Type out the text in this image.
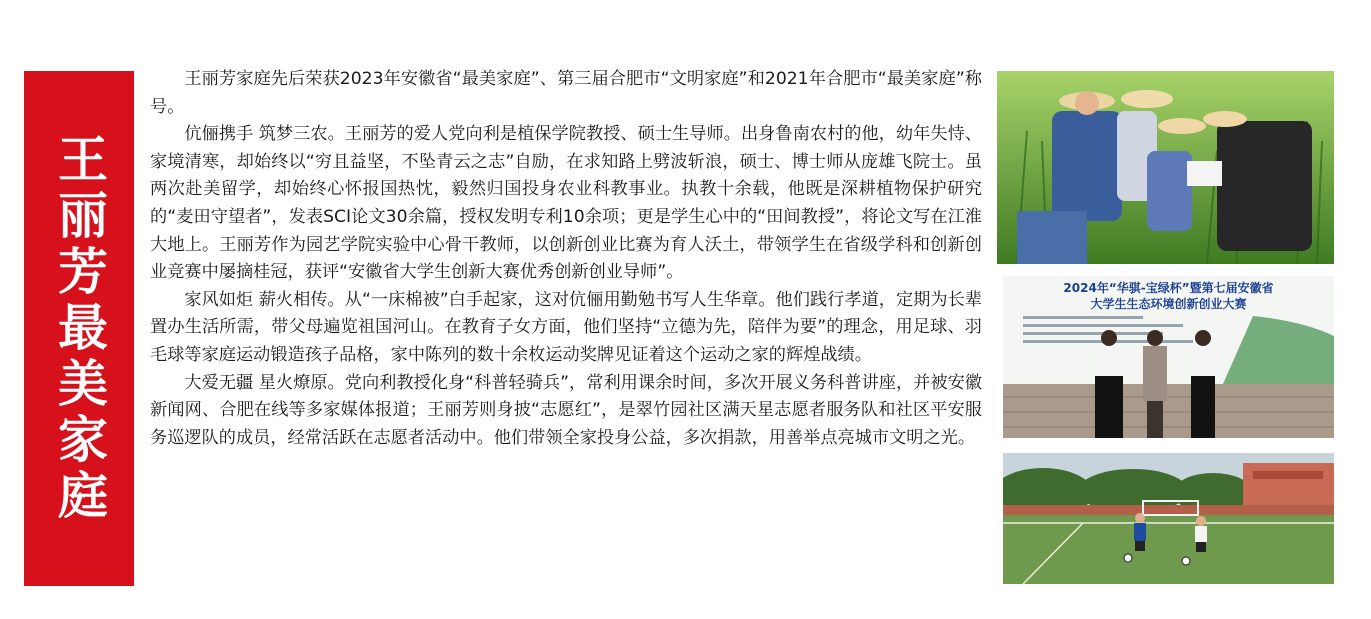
王丽芳最美家庭

王丽芳家庭先后荣获2023年安徽省“最美家庭”、第三届合肥市“文明家庭”和2021年合肥市“最美家庭”称号。

伉俪携手 筑梦三农。王丽芳的爱人党向利是植保学院教授、硕士生导师。出身鲁南农村的他，幼年失恃、家境清寒，却始终以“穷且益坚，不坠青云之志”自励，在求知路上劈波斩浪，硕士、博士师从庞雄飞院士。虽两次赴美留学，却始终心怀报国热忱，毅然归国投身农业科教事业。执教十余载，他既是深耕植物保护研究的“麦田守望者”，发表SCI论文30余篇，授权发明专利10余项；更是学生心中的“田间教授”，将论文写在江淮大地上。王丽芳作为园艺学院实验中心骨干教师，以创新创业比赛为育人沃土，带领学生在省级学科和创新创业竞赛中屡摘桂冠，获评“安徽省大学生创新大赛优秀创新创业导师”。

家风如炬 薪火相传。从“一床棉被”白手起家，这对伉俪用勤勉书写人生华章。他们践行孝道，定期为长辈置办生活所需，带父母遍览祖国河山。在教育子女方面，他们坚持“立德为先，陪伴为要”的理念，用足球、羽毛球等家庭运动锻造孩子品格，家中陈列的数十余枚运动奖牌见证着这个运动之家的辉煌战绩。

大爱无疆 星火燎原。党向利教授化身“科普轻骑兵”，常利用课余时间，多次开展义务科普讲座，并被安徽新闻网、合肥在线等多家媒体报道；王丽芳则身披“志愿红”，是翠竹园社区满天星志愿者服务队和社区平安服务巡逻队的成员，经常活跃在志愿者活动中。他们带领全家投身公益，多次捐款，用善举点亮城市文明之光。

2024年“华骐-宝绿杯”暨第七届安徽省
大学生生态环境创新创业大赛
